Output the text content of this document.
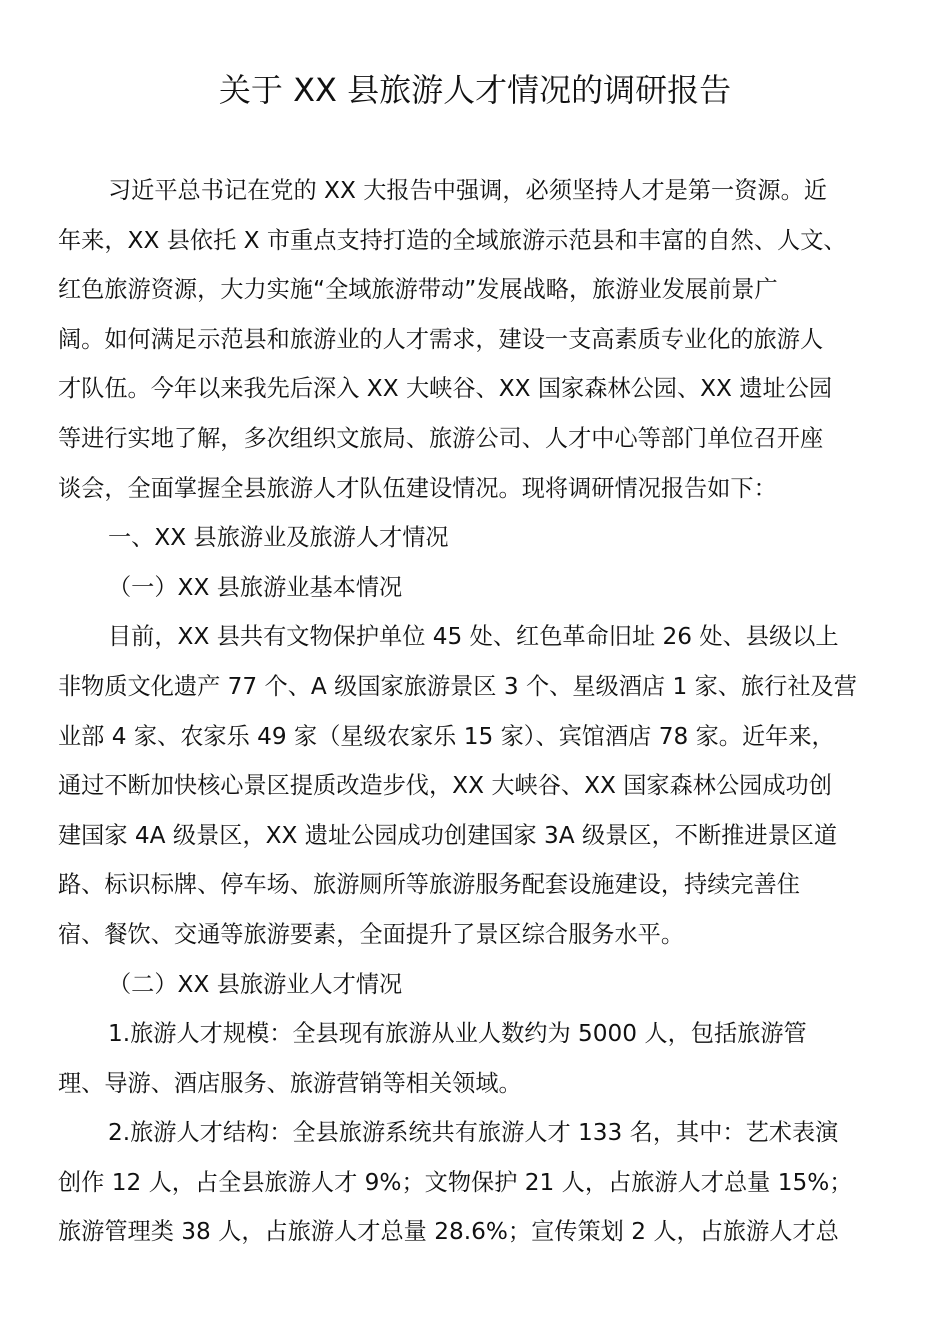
关于 XX 县旅游人才情况的调研报告
习近平总书记在党的 XX 大报告中强调，必须坚持人才是第一资源。近
年来，XX 县依托 X 市重点支持打造的全域旅游示范县和丰富的自然、人文、
红色旅游资源，大力实施“全域旅游带动”发展战略，旅游业发展前景广
阔。如何满足示范县和旅游业的人才需求，建设一支高素质专业化的旅游人
才队伍。今年以来我先后深入 XX 大峡谷、XX 国家森林公园、XX 遗址公园
等进行实地了解，多次组织文旅局、旅游公司、人才中心等部门单位召开座
谈会，全面掌握全县旅游人才队伍建设情况。现将调研情况报告如下：
一、XX 县旅游业及旅游人才情况
（一）XX 县旅游业基本情况
目前，XX 县共有文物保护单位 45 处、红色革命旧址 26 处、县级以上
非物质文化遗产 77 个、A 级国家旅游景区 3 个、星级酒店 1 家、旅行社及营
业部 4 家、农家乐 49 家（星级农家乐 15 家）、宾馆酒店 78 家。近年来，
通过不断加快核心景区提质改造步伐，XX 大峡谷、XX 国家森林公园成功创
建国家 4A 级景区，XX 遗址公园成功创建国家 3A 级景区，不断推进景区道
路、标识标牌、停车场、旅游厕所等旅游服务配套设施建设，持续完善住
宿、餐饮、交通等旅游要素，全面提升了景区综合服务水平。
（二）XX 县旅游业人才情况
1.旅游人才规模：全县现有旅游从业人数约为 5000 人，包括旅游管
理、导游、酒店服务、旅游营销等相关领域。
2.旅游人才结构：全县旅游系统共有旅游人才 133 名，其中：艺术表演
创作 12 人，占全县旅游人才 9%；文物保护 21 人，占旅游人才总量 15%；
旅游管理类 38 人，占旅游人才总量 28.6%；宣传策划 2 人，占旅游人才总
